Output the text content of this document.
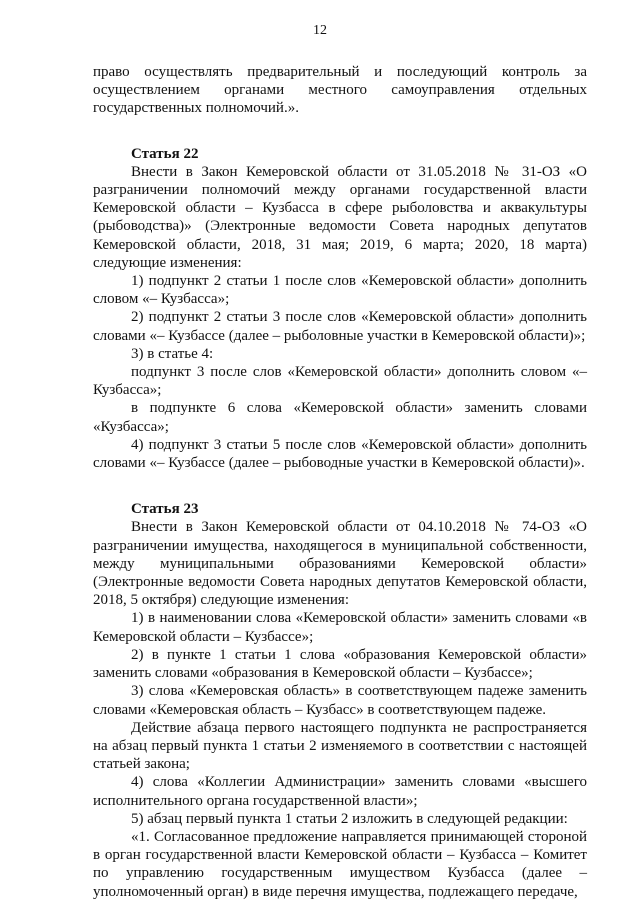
12

право осуществлять предварительный и последующий контроль за осуществлением органами местного самоуправления отдельных государственных полномочий.».

Статья 22

Внести в Закон Кемеровской области от 31.05.2018 № 31-ОЗ «О разграничении полномочий между органами государственной власти Кемеровской области – Кузбасса в сфере рыболовства и аквакультуры (рыбоводства)» (Электронные ведомости Совета народных депутатов Кемеровской области, 2018, 31 мая; 2019, 6 марта; 2020, 18 марта) следующие изменения:

1) подпункт 2 статьи 1 после слов «Кемеровской области» дополнить словом «– Кузбасса»;

2) подпункт 2 статьи 3 после слов «Кемеровской области» дополнить словами «– Кузбассе (далее – рыболовные участки в Кемеровской области)»;

3) в статье 4:

подпункт 3 после слов «Кемеровской области» дополнить словом «– Кузбасса»;

в подпункте 6 слова «Кемеровской области» заменить словами «Кузбасса»;

4) подпункт 3 статьи 5 после слов «Кемеровской области» дополнить словами «– Кузбассе (далее – рыбоводные участки в Кемеровской области)».

Статья 23

Внести в Закон Кемеровской области от 04.10.2018 № 74-ОЗ «О разграничении имущества, находящегося в муниципальной собственности, между муниципальными образованиями Кемеровской области» (Электронные ведомости Совета народных депутатов Кемеровской области, 2018, 5 октября) следующие изменения:

1) в наименовании слова «Кемеровской области» заменить словами «в Кемеровской области – Кузбассе»;

2) в пункте 1 статьи 1 слова «образования Кемеровской области» заменить словами «образования в Кемеровской области – Кузбассе»;

3) слова «Кемеровская область» в соответствующем падеже заменить словами «Кемеровская область – Кузбасс» в соответствующем падеже.

Действие абзаца первого настоящего подпункта не распространяется на абзац первый пункта 1 статьи 2 изменяемого в соответствии с настоящей статьей закона;

4) слова «Коллегии Администрации» заменить словами «высшего исполнительного органа государственной власти»;

5) абзац первый пункта 1 статьи 2 изложить в следующей редакции:

«1. Согласованное предложение направляется принимающей стороной в орган государственной власти Кемеровской области – Кузбасса – Комитет по управлению государственным имуществом Кузбасса (далее – уполномоченный орган) в виде перечня имущества, подлежащего передаче,
